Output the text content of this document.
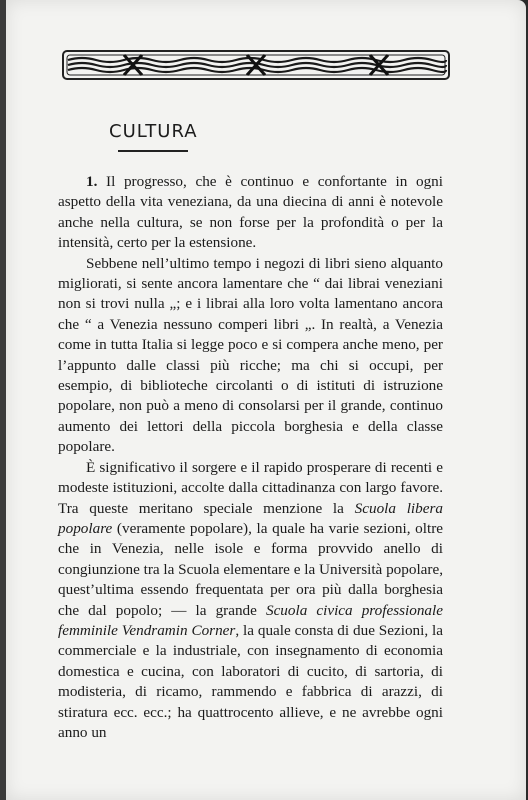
CULTURA

1. Il progresso, che è continuo e confortante in ogni aspetto della vita veneziana, da una diecina di anni è notevole anche nella cultura, se non forse per la profondità o per la intensità, certo per la estensione.

Sebbene nell’ultimo tempo i negozi di libri sieno alquanto migliorati, si sente ancora lamentare che “ dai librai veneziani non si trovi nulla „; e i librai alla loro volta lamentano ancora che “ a Venezia nessuno comperi libri „. In realtà, a Venezia come in tutta Italia si legge poco e si compera anche meno, per l’appunto dalle classi più ricche; ma chi si occupi, per esempio, di biblioteche circolanti o di istituti di istruzione popolare, non può a meno di consolarsi per il grande, continuo aumento dei lettori della piccola borghesia e della classe popolare.

È significativo il sorgere e il rapido prosperare di recenti e modeste istituzioni, accolte dalla cittadinanza con largo favore. Tra queste meritano speciale menzione la Scuola libera popolare (veramente popolare), la quale ha varie sezioni, oltre che in Venezia, nelle isole e forma provvido anello di congiunzione tra la Scuola elementare e la Università popolare, quest’ultima essendo frequentata per ora più dalla borghesia che dal popolo; — la grande Scuola civica professionale femminile Vendramin Corner, la quale consta di due Sezioni, la commerciale e la industriale, con insegnamento di economia domestica e cucina, con laboratori di cucito, di sartoria, di modisteria, di ricamo, rammendo e fabbrica di arazzi, di stiratura ecc. ecc.; ha quattrocento allieve, e ne avrebbe ogni anno un
